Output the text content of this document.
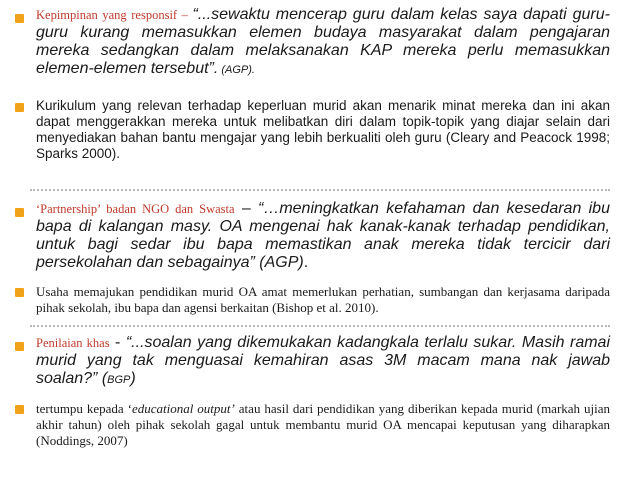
Kepimpinan yang responsif – “...sewaktu mencerap guru dalam kelas saya dapati guru-guru kurang memasukkan elemen budaya masyarakat dalam pengajaran mereka sedangkan dalam melaksanakan KAP mereka perlu memasukkan elemen-elemen tersebut”. (AGP).
Kurikulum yang relevan terhadap keperluan murid akan menarik minat mereka dan ini akan dapat menggerakkan mereka untuk melibatkan diri dalam topik-topik yang diajar selain dari menyediakan bahan bantu mengajar yang lebih berkualiti oleh guru (Cleary and Peacock 1998; Sparks 2000).
‘Partnership’ badan NGO dan Swasta – “…meningkatkan kefahaman dan kesedaran ibu bapa di kalangan masy. OA mengenai hak kanak-kanak terhadap pendidikan, untuk bagi sedar ibu bapa memastikan anak mereka tidak tercicir dari persekolahan dan sebagainya” (AGP).
Usaha memajukan pendidikan murid OA amat memerlukan perhatian, sumbangan dan kerjasama daripada pihak sekolah, ibu bapa dan agensi berkaitan (Bishop et al. 2010).
Penilaian khas - “...soalan yang dikemukakan kadangkala terlalu sukar. Masih ramai murid yang tak menguasai kemahiran asas 3M macam mana nak jawab soalan?” (BGP)
tertumpu kepada ‘educational output’ atau hasil dari pendidikan yang diberikan kepada murid (markah ujian akhir tahun) oleh pihak sekolah gagal untuk membantu murid OA mencapai keputusan yang diharapkan (Noddings, 2007)
